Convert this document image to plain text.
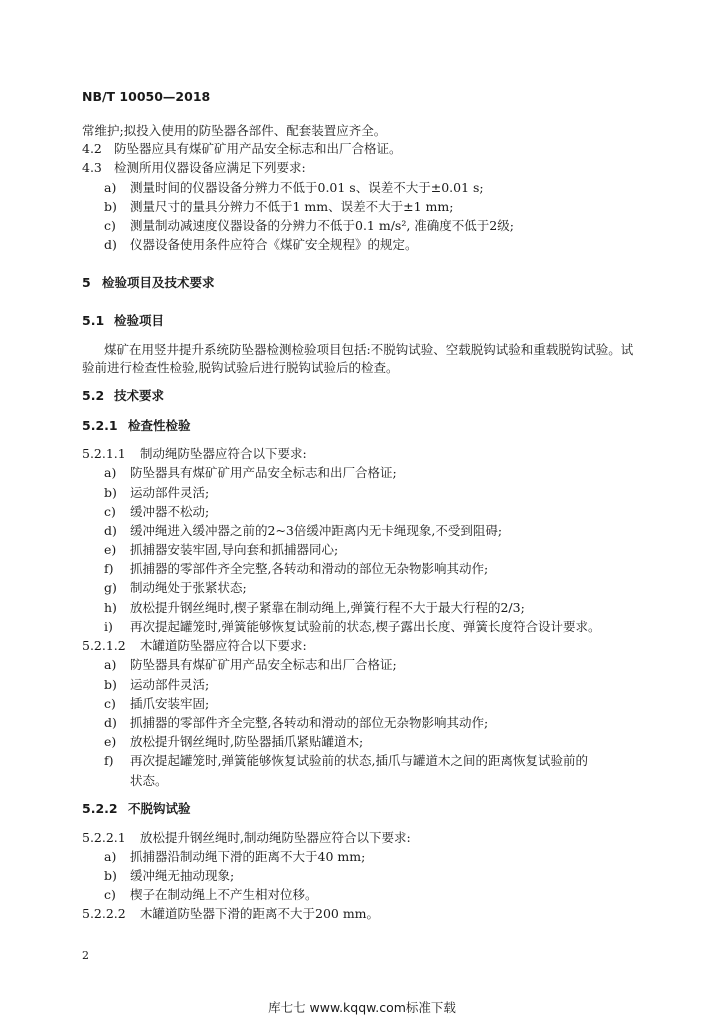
NB/T 10050—2018
常维护;拟投入使用的防坠器各部件、配套装置应齐全。
4.2 防坠器应具有煤矿矿用产品安全标志和出厂合格证。
4.3 检测所用仪器设备应满足下列要求:
a) 测量时间的仪器设备分辨力不低于0.01 s、误差不大于±0.01 s;
b) 测量尺寸的量具分辨力不低于1 mm、误差不大于±1 mm;
c) 测量制动减速度仪器设备的分辨力不低于0.1 m/s², 准确度不低于2级;
d) 仪器设备使用条件应符合《煤矿安全规程》的规定。
5 检验项目及技术要求
5.1 检验项目
煤矿在用竖井提升系统防坠器检测检验项目包括:不脱钩试验、空载脱钩试验和重载脱钩试验。试
验前进行检查性检验,脱钩试验后进行脱钩试验后的检查。
5.2 技术要求
5.2.1 检查性检验
5.2.1.1 制动绳防坠器应符合以下要求:
a) 防坠器具有煤矿矿用产品安全标志和出厂合格证;
b) 运动部件灵活;
c) 缓冲器不松动;
d) 缓冲绳进入缓冲器之前的2~3倍缓冲距离内无卡绳现象,不受到阻碍;
e) 抓捕器安装牢固,导向套和抓捕器同心;
f) 抓捕器的零部件齐全完整,各转动和滑动的部位无杂物影响其动作;
g) 制动绳处于张紧状态;
h) 放松提升钢丝绳时,楔子紧靠在制动绳上,弹簧行程不大于最大行程的2/3;
i) 再次提起罐笼时,弹簧能够恢复试验前的状态,楔子露出长度、弹簧长度符合设计要求。
5.2.1.2 木罐道防坠器应符合以下要求:
a) 防坠器具有煤矿矿用产品安全标志和出厂合格证;
b) 运动部件灵活;
c) 插爪安装牢固;
d) 抓捕器的零部件齐全完整,各转动和滑动的部位无杂物影响其动作;
e) 放松提升钢丝绳时,防坠器插爪紧贴罐道木;
f) 再次提起罐笼时,弹簧能够恢复试验前的状态,插爪与罐道木之间的距离恢复试验前的
状态。
5.2.2 不脱钩试验
5.2.2.1 放松提升钢丝绳时,制动绳防坠器应符合以下要求:
a) 抓捕器沿制动绳下滑的距离不大于40 mm;
b) 缓冲绳无抽动现象;
c) 楔子在制动绳上不产生相对位移。
5.2.2.2 木罐道防坠器下滑的距离不大于200 mm。
2
库七七 www.kqqw.com标准下载
